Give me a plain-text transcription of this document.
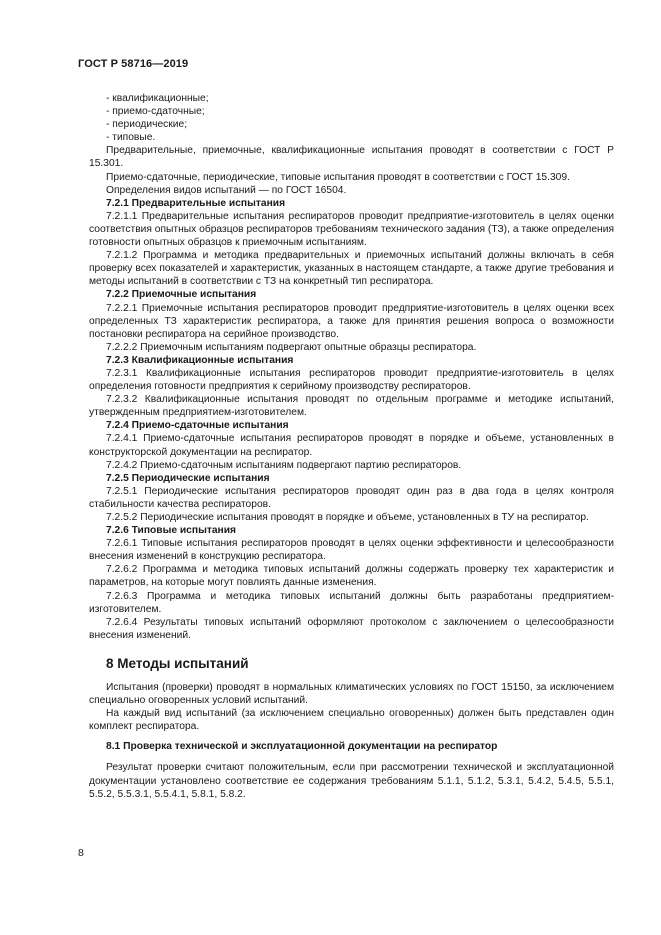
ГОСТ Р 58716—2019

- квалификационные;

- приемо-сдаточные;

- периодические;

- типовые.

Предварительные, приемочные, квалификационные испытания проводят в соответствии с ГОСТ Р 15.301.

Приемо-сдаточные, периодические, типовые испытания проводят в соответствии с ГОСТ 15.309.

Определения видов испытаний — по ГОСТ 16504.

7.2.1 Предварительные испытания

7.2.1.1 Предварительные испытания респираторов проводит предприятие-изготовитель в целях оценки соответствия опытных образцов респираторов требованиям технического задания (ТЗ), а также определения готовности опытных образцов к приемочным испытаниям.

7.2.1.2 Программа и методика предварительных и приемочных испытаний должны включать в себя проверку всех показателей и характеристик, указанных в настоящем стандарте, а также другие требования и методы испытаний в соответствии с ТЗ на конкретный тип респиратора.

7.2.2 Приемочные испытания

7.2.2.1 Приемочные испытания респираторов проводит предприятие-изготовитель в целях оценки всех определенных ТЗ характеристик респиратора, а также для принятия решения вопроса о возможности постановки респиратора на серийное производство.

7.2.2.2 Приемочным испытаниям подвергают опытные образцы респиратора.

7.2.3 Квалификационные испытания

7.2.3.1 Квалификационные испытания респираторов проводит предприятие-изготовитель в целях определения готовности предприятия к серийному производству респираторов.

7.2.3.2 Квалификационные испытания проводят по отдельным программе и методике испытаний, утвержденным предприятием-изготовителем.

7.2.4 Приемо-сдаточные испытания

7.2.4.1 Приемо-сдаточные испытания респираторов проводят в порядке и объеме, установленных в конструкторской документации на респиратор.

7.2.4.2 Приемо-сдаточным испытаниям подвергают партию респираторов.

7.2.5 Периодические испытания

7.2.5.1 Периодические испытания респираторов проводят один раз в два года в целях контроля стабильности качества респираторов.

7.2.5.2 Периодические испытания проводят в порядке и объеме, установленных в ТУ на респиратор.

7.2.6 Типовые испытания

7.2.6.1 Типовые испытания респираторов проводят в целях оценки эффективности и целесообразности внесения изменений в конструкцию респиратора.

7.2.6.2 Программа и методика типовых испытаний должны содержать проверку тех характеристик и параметров, на которые могут повлиять данные изменения.

7.2.6.3 Программа и методика типовых испытаний должны быть разработаны предприятием-изготовителем.

7.2.6.4 Результаты типовых испытаний оформляют протоколом с заключением о целесообразности внесения изменений.

8 Методы испытаний

Испытания (проверки) проводят в нормальных климатических условиях по ГОСТ 15150, за исключением специально оговоренных условий испытаний.

На каждый вид испытаний (за исключением специально оговоренных) должен быть представлен один комплект респиратора.

8.1 Проверка технической и эксплуатационной документации на респиратор

Результат проверки считают положительным, если при рассмотрении технической и эксплуатационной документации установлено соответствие ее содержания требованиям 5.1.1, 5.1.2, 5.3.1, 5.4.2, 5.4.5, 5.5.1, 5.5.2, 5.5.3.1, 5.5.4.1, 5.8.1, 5.8.2.

8
